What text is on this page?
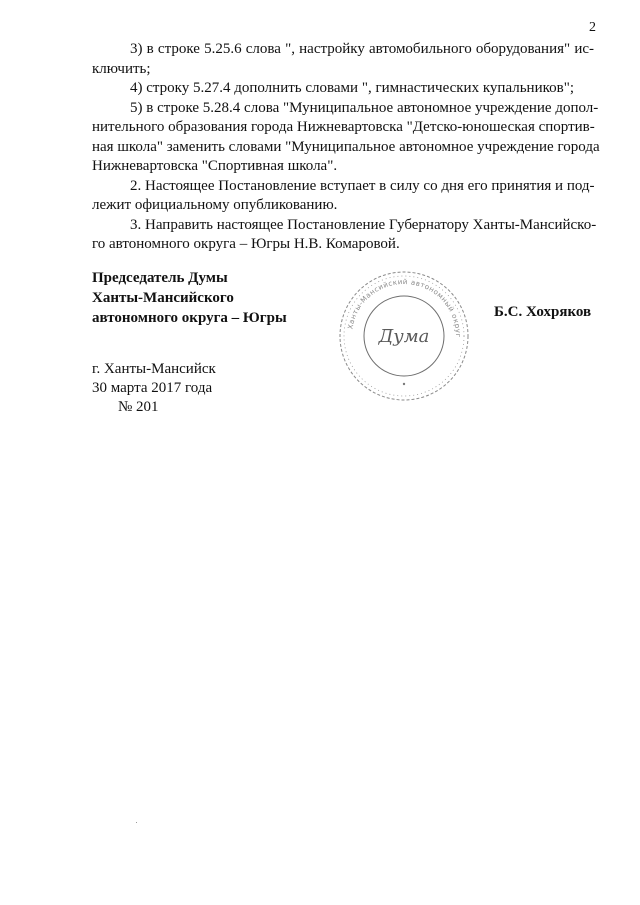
2
3) в строке 5.25.6 слова ", настройку автомобильного оборудования" ис-
ключить;
4) строку 5.27.4 дополнить словами ", гимнастических купальников";
5) в строке 5.28.4 слова "Муниципальное автономное учреждение допол-
нительного образования города Нижневартовска "Детско-юношеская спортив-
ная школа" заменить словами "Муниципальное автономное учреждение города
Нижневартовска "Спортивная школа".
2. Настоящее Постановление вступает в силу со дня его принятия и под-
лежит официальному опубликованию.
3. Направить настоящее Постановление Губернатору Ханты-Мансийско-
го автономного округа – Югры Н.В. Комаровой.
Председатель Думы
Ханты-Мансийского
автономного округа – Югры
Ханты-Мансийский автономный округ
Дума
Б.С. Хохряков
г. Ханты-Мансийск
30 марта 2017 года
№ 201
